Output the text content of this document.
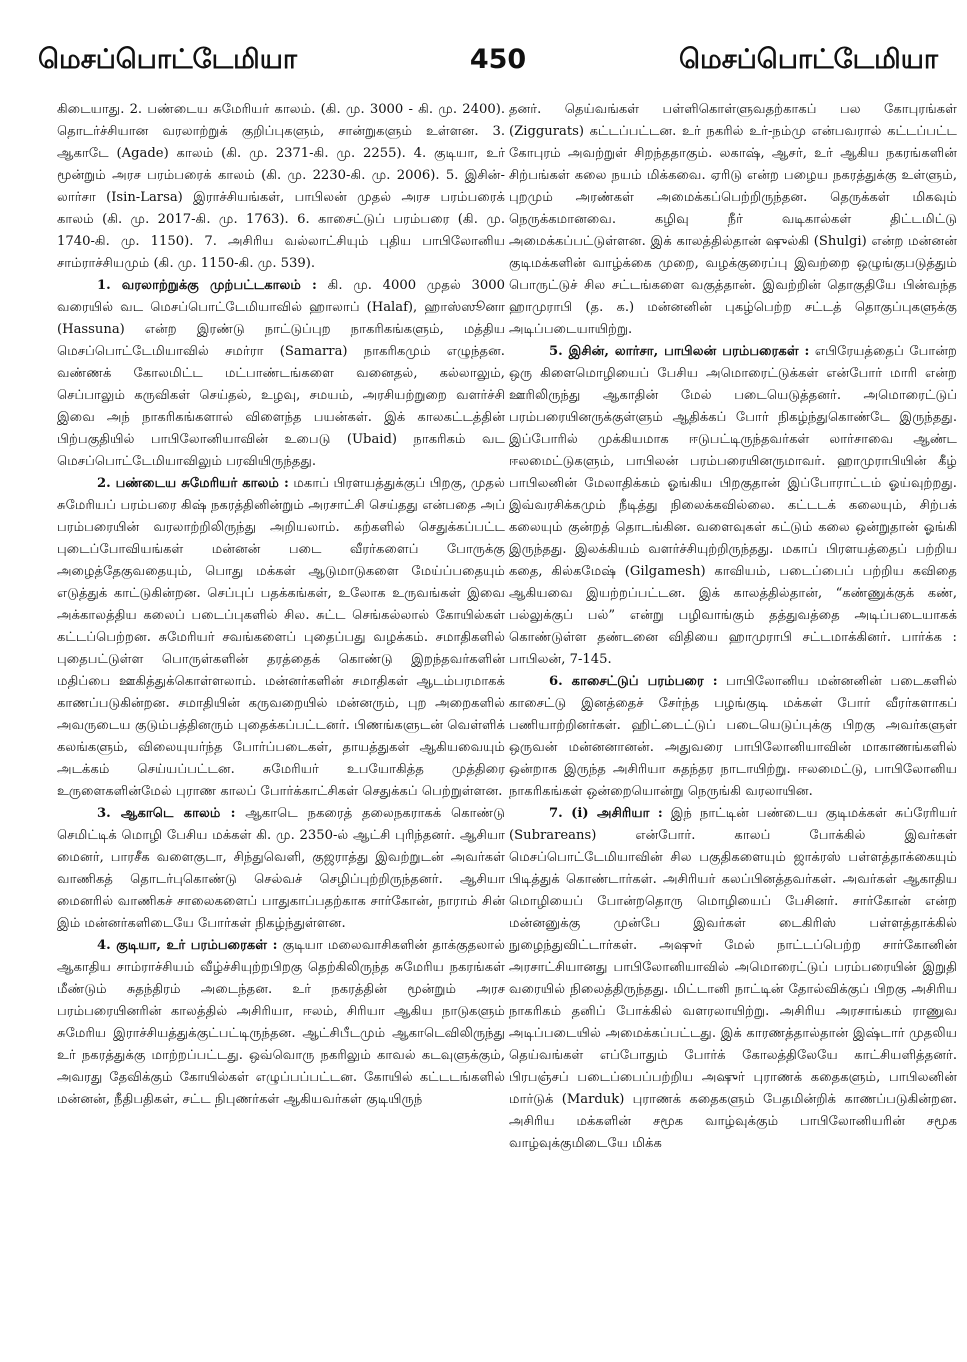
மெசப்பொட்டேமியா	450	மெசப்பொட்டேமியா

கிடையாது. 2. பண்டைய சுமேரியர் காலம். (கி. மு. 3000 - கி. மு. 2400). தொடர்ச்சியான வரலாற்றுக் குறிப்புகளும், சான்றுகளும் உள்ளன. 3. ஆகாடே (Agade) காலம் (கி. மு. 2371-கி. மு. 2255). 4. குடியா, உர் மூன்றும் அரச பரம்பரைக் காலம் (கி. மு. 2230-கி. மு. 2006). 5. இசின்-லார்சா (Isin-Larsa) இராச்சியங்கள், பாபிலன் முதல் அரச பரம்பரைக் காலம் (கி. மு. 2017-கி. மு. 1763). 6. காசைட்டுப் பரம்பரை (கி. மு. 1740-கி. மு. 1150). 7. அசிரிய வல்லாட்சியும் புதிய பாபிலோனிய சாம்ராச்சியமும் (கி. மு. 1150-கி. மு. 539).

1. வரலாற்றுக்கு முற்பட்டகாலம் : கி. மு. 4000 முதல் 3000 வரையில் வட மெசப்பொட்டேமியாவில் ஹாலாப் (Halaf), ஹாஸ்ஸூனா (Hassuna) என்ற இரண்டு நாட்டுப்புற நாகரிகங்களும், மத்திய மெசப்பொட்டேமியாவில் சமர்ரா (Samarra) நாகரிகமும் எழுந்தன. வண்ணக் கோலமிட்ட மட்பாண்டங்களை வனைதல், கல்லாலும், செப்பாலும் கருவிகள் செய்தல், உழவு, சமயம், அரசியற்றுறை வளர்ச்சி இவை அந் நாகரிகங்களால் விளைந்த பயன்கள். இக் காலகட்டத்தின் பிற்பகுதியில் பாபிலோனியாவின் உபைடு (Ubaid) நாகரிகம் வட மெசப்பொட்டேமியாவிலும் பரவியிருந்தது.

2. பண்டைய சுமேரியர் காலம் : மகாப் பிரளயத்துக்குப் பிறகு, முதல் சுமேரியப் பரம்பரை கிஷ் நகரத்தினின்றும் அரசாட்சி செய்தது என்பதை அப் பரம்பரையின் வரலாற்றிலிருந்து அறியலாம். கற்களில் செதுக்கப்பட்ட புடைப்போவியங்கள் மன்னன் படை வீரர்களைப் போருக்கு அழைத்தேகுவதையும், பொது மக்கள் ஆடுமாடுகளை மேய்ப்பதையும் எடுத்துக் காட்டுகின்றன. செப்புப் பதக்கங்கள், உலோக உருவங்கள் இவை அக்காலத்திய கலைப் படைப்புகளில் சில. சுட்ட செங்கல்லால் கோயில்கள் கட்டப்பெற்றன. சுமேரியர் சவங்களைப் புதைப்பது வழக்கம். சமாதிகளில் புதைபட்டுள்ள பொருள்களின் தரத்தைக் கொண்டு இறந்தவர்களின் மதிப்பை ஊகித்துக்கொள்ளலாம். மன்னர்களின் சமாதிகள் ஆடம்பரமாகக் காணப்படுகின்றன. சமாதியின் கருவறையில் மன்னரும், புற அறைகளில் அவருடைய குடும்பத்தினரும் புதைக்கப்பட்டனர். பிணங்களுடன் வெள்ளிக் கலங்களும், விலையுயர்ந்த போர்ப்படைகள், தாயத்துகள் ஆகியவையும் அடக்கம் செய்யப்பட்டன. சுமேரியர் உபயோகித்த முத்திரை உருளைகளின்மேல் புராண காலப் போர்க்காட்சிகள் செதுக்கப் பெற்றுள்ளன.

3. ஆகாடெ காலம் : ஆகாடெ நகரைத் தலைநகராகக் கொண்டு செமிட்டிக் மொழி பேசிய மக்கள் கி. மு. 2350-ல் ஆட்சி புரிந்தனர். ஆசியா மைனர், பாரசீக வளைகுடா, சிந்துவெளி, குஜராத்து இவற்றுடன் அவர்கள் வாணிகத் தொடர்புகொண்டு செல்வச் செழிப்புற்றிருந்தனர். ஆசியா மைனரில் வாணிகச் சாலைகளைப் பாதுகாப்பதற்காக சார்கோன், நாராம் சின் இம் மன்னர்களிடையே போர்கள் நிகழ்ந்துள்ளன.

4. குடியா, உர் பரம்பரைகள் : குடியா மலைவாசிகளின் தாக்குதலால் ஆகாதிய சாம்ராச்சியம் வீழ்ச்சியுற்றபிறகு தெற்கிலிருந்த சுமேரிய நகரங்கள் மீண்டும் சுதந்திரம் அடைந்தன. உர் நகரத்தின் மூன்றும் அரச பரம்பரையினரின் காலத்தில் அசிரியா, ஈலம், சிரியா ஆகிய நாடுகளும் சுமேரிய இராச்சியத்துக்குட்பட்டிருந்தன. ஆட்சிபீடமும் ஆகாடெவிலிருந்து உர் நகரத்துக்கு மாற்றப்பட்டது. ஒவ்வொரு நகரிலும் காவல் கடவுளுக்கும், அவரது தேவிக்கும் கோயில்கள் எழுப்பப்பட்டன. கோயில் கட்டடங்களில் மன்னன், நீதிபதிகள், சட்ட நிபுணர்கள் ஆகியவர்கள் குடியிருந்

தனர். தெய்வங்கள் பள்ளிகொள்ளுவதற்காகப் பல கோபுரங்கள் (Ziggurats) கட்டப்பட்டன. உர் நகரில் உர்-நம்மு என்பவரால் கட்டப்பட்ட கோபுரம் அவற்றுள் சிறந்ததாகும். லகாஷ், ஆசர், உர் ஆகிய நகரங்களின் சிற்பங்கள் கலை நயம் மிக்கவை. ஏரிடு என்ற பழைய நகரத்துக்கு உள்ளும், புறமும் அரண்கள் அமைக்கப்பெற்றிருந்தன. தெருக்கள் மிகவும் நெருக்கமானவை. கழிவு நீர் வடிகால்கள் திட்டமிட்டு அமைக்கப்பட்டுள்ளன. இக் காலத்தில்தான் ஷுல்கி (Shulgi) என்ற மன்னன் குடிமக்களின் வாழ்க்கை முறை, வழக்குரைப்பு இவற்றை ஒழுங்குபடுத்தும் பொருட்டுச் சில சட்டங்களை வகுத்தான். இவற்றின் தொகுதியே பின்வந்த ஹாமுராபி (த. க.) மன்னனின் புகழ்பெற்ற சட்டத் தொகுப்புகளுக்கு அடிப்படையாயிற்று.

5. இசின், லார்சா, பாபிலன் பரம்பரைகள் : எபிரேயத்தைப் போன்ற ஒரு கிளைமொழியைப் பேசிய அமொரைட்டுக்கள் என்போர் மாரி என்ற ஊரிலிருந்து ஆகாதின் மேல் படையெடுத்தனர். அமொரைட்டுப் பரம்பரையினருக்குள்ளும் ஆதிக்கப் போர் நிகழ்ந்துகொண்டே இருந்தது. இப்போரில் முக்கியமாக ஈடுபட்டிருந்தவர்கள் லார்சாவை ஆண்ட ஈலமைட்டுகளும், பாபிலன் பரம்பரையினருமாவர். ஹாமுராபியின் கீழ் பாபிலனின் மேலாதிக்கம் ஓங்கிய பிறகுதான் இப்போராட்டம் ஓய்வுற்றது. இவ்வரசிக்கமும் நீடித்து நிலைக்கவில்லை. கட்டடக் கலையும், சிற்பக் கலையும் குன்றத் தொடங்கின. வளைவுகள் கட்டும் கலை ஒன்றுதான் ஓங்கி இருந்தது. இலக்கியம் வளர்ச்சியுற்றிருந்தது. மகாப் பிரளயத்தைப் பற்றிய கதை, கில்கமேஷ் (Gilgamesh) காவியம், படைப்பைப் பற்றிய கவிதை ஆகியவை இயற்றப்பட்டன. இக் காலத்தில்தான், “கண்ணுக்குக் கண், பல்லுக்குப் பல்” என்று பழிவாங்கும் தத்துவத்தை அடிப்படையாகக் கொண்டுள்ள தண்டனை விதியை ஹாமுராபி சட்டமாக்கினர். பார்க்க : பாபிலன், 7-145.

6. காசைட்டுப் பரம்பரை : பாபிலோனிய மன்னனின் படைகளில் காசைட்டு இனத்தைச் சேர்ந்த பழங்குடி மக்கள் போர் வீரர்களாகப் பணியாற்றினர்கள். ஹிட்டைட்டுப் படையெடுப்புக்கு பிறகு அவர்களுள் ஒருவன் மன்னனானன். அதுவரை பாபிலோனியாவின் மாகாணங்களில் ஒன்றாக இருந்த அசிரியா சுதந்தர நாடாயிற்று. ஈலமைட்டு, பாபிலோனிய நாகரிகங்கள் ஒன்றையொன்று நெருங்கி வரலாயின.

7. (i) அசிரியா : இந் நாட்டின் பண்டைய குடிமக்கள் சுப்ரேரியர் (Subrareans) என்போர். காலப் போக்கில் இவர்கள் மெசப்பொட்டேமியாவின் சில பகுதிகளையும் ஜாக்ரஸ் பள்ளத்தாக்கையும் பிடித்துக் கொண்டார்கள். அசிரியர் கலப்பினத்தவர்கள். அவர்கள் ஆகாதிய மொழியைப் போன்றதொரு மொழியைப் பேசினர். சார்கோன் என்ற மன்னனுக்கு முன்பே இவர்கள் டைகிரிஸ் பள்ளத்தாக்கில் நுழைந்துவிட்டார்கள். அஷுர் மேல் நாட்டப்பெற்ற சார்கோனின் அரசாட்சியானது பாபிலோனியாவில் அமொரைட்டுப் பரம்பரையின் இறுதி வரையில் நிலைத்திருந்தது. மிட்டானி நாட்டின் தோல்விக்குப் பிறகு அசிரிய நாகரிகம் தனிப் போக்கில் வளரலாயிற்று. அசிரிய அரசாங்கம் ராணுவ அடிப்படையில் அமைக்கப்பட்டது. இக் காரணத்தால்தான் இஷ்டார் முதலிய தெய்வங்கள் எப்போதும் போர்க் கோலத்திலேயே காட்சியளித்தனர். பிரபஞ்சப் படைப்பைப்பற்றிய அஷுர் புராணக் கதைகளும், பாபிலனின் மார்டுக் (Marduk) புராணக் கதைகளும் பேதமின்றிக் காணப்படுகின்றன. அசிரிய மக்களின் சமூக வாழ்வுக்கும் பாபிலோனியரின் சமூக வாழ்வுக்குமிடையே மிக்க
